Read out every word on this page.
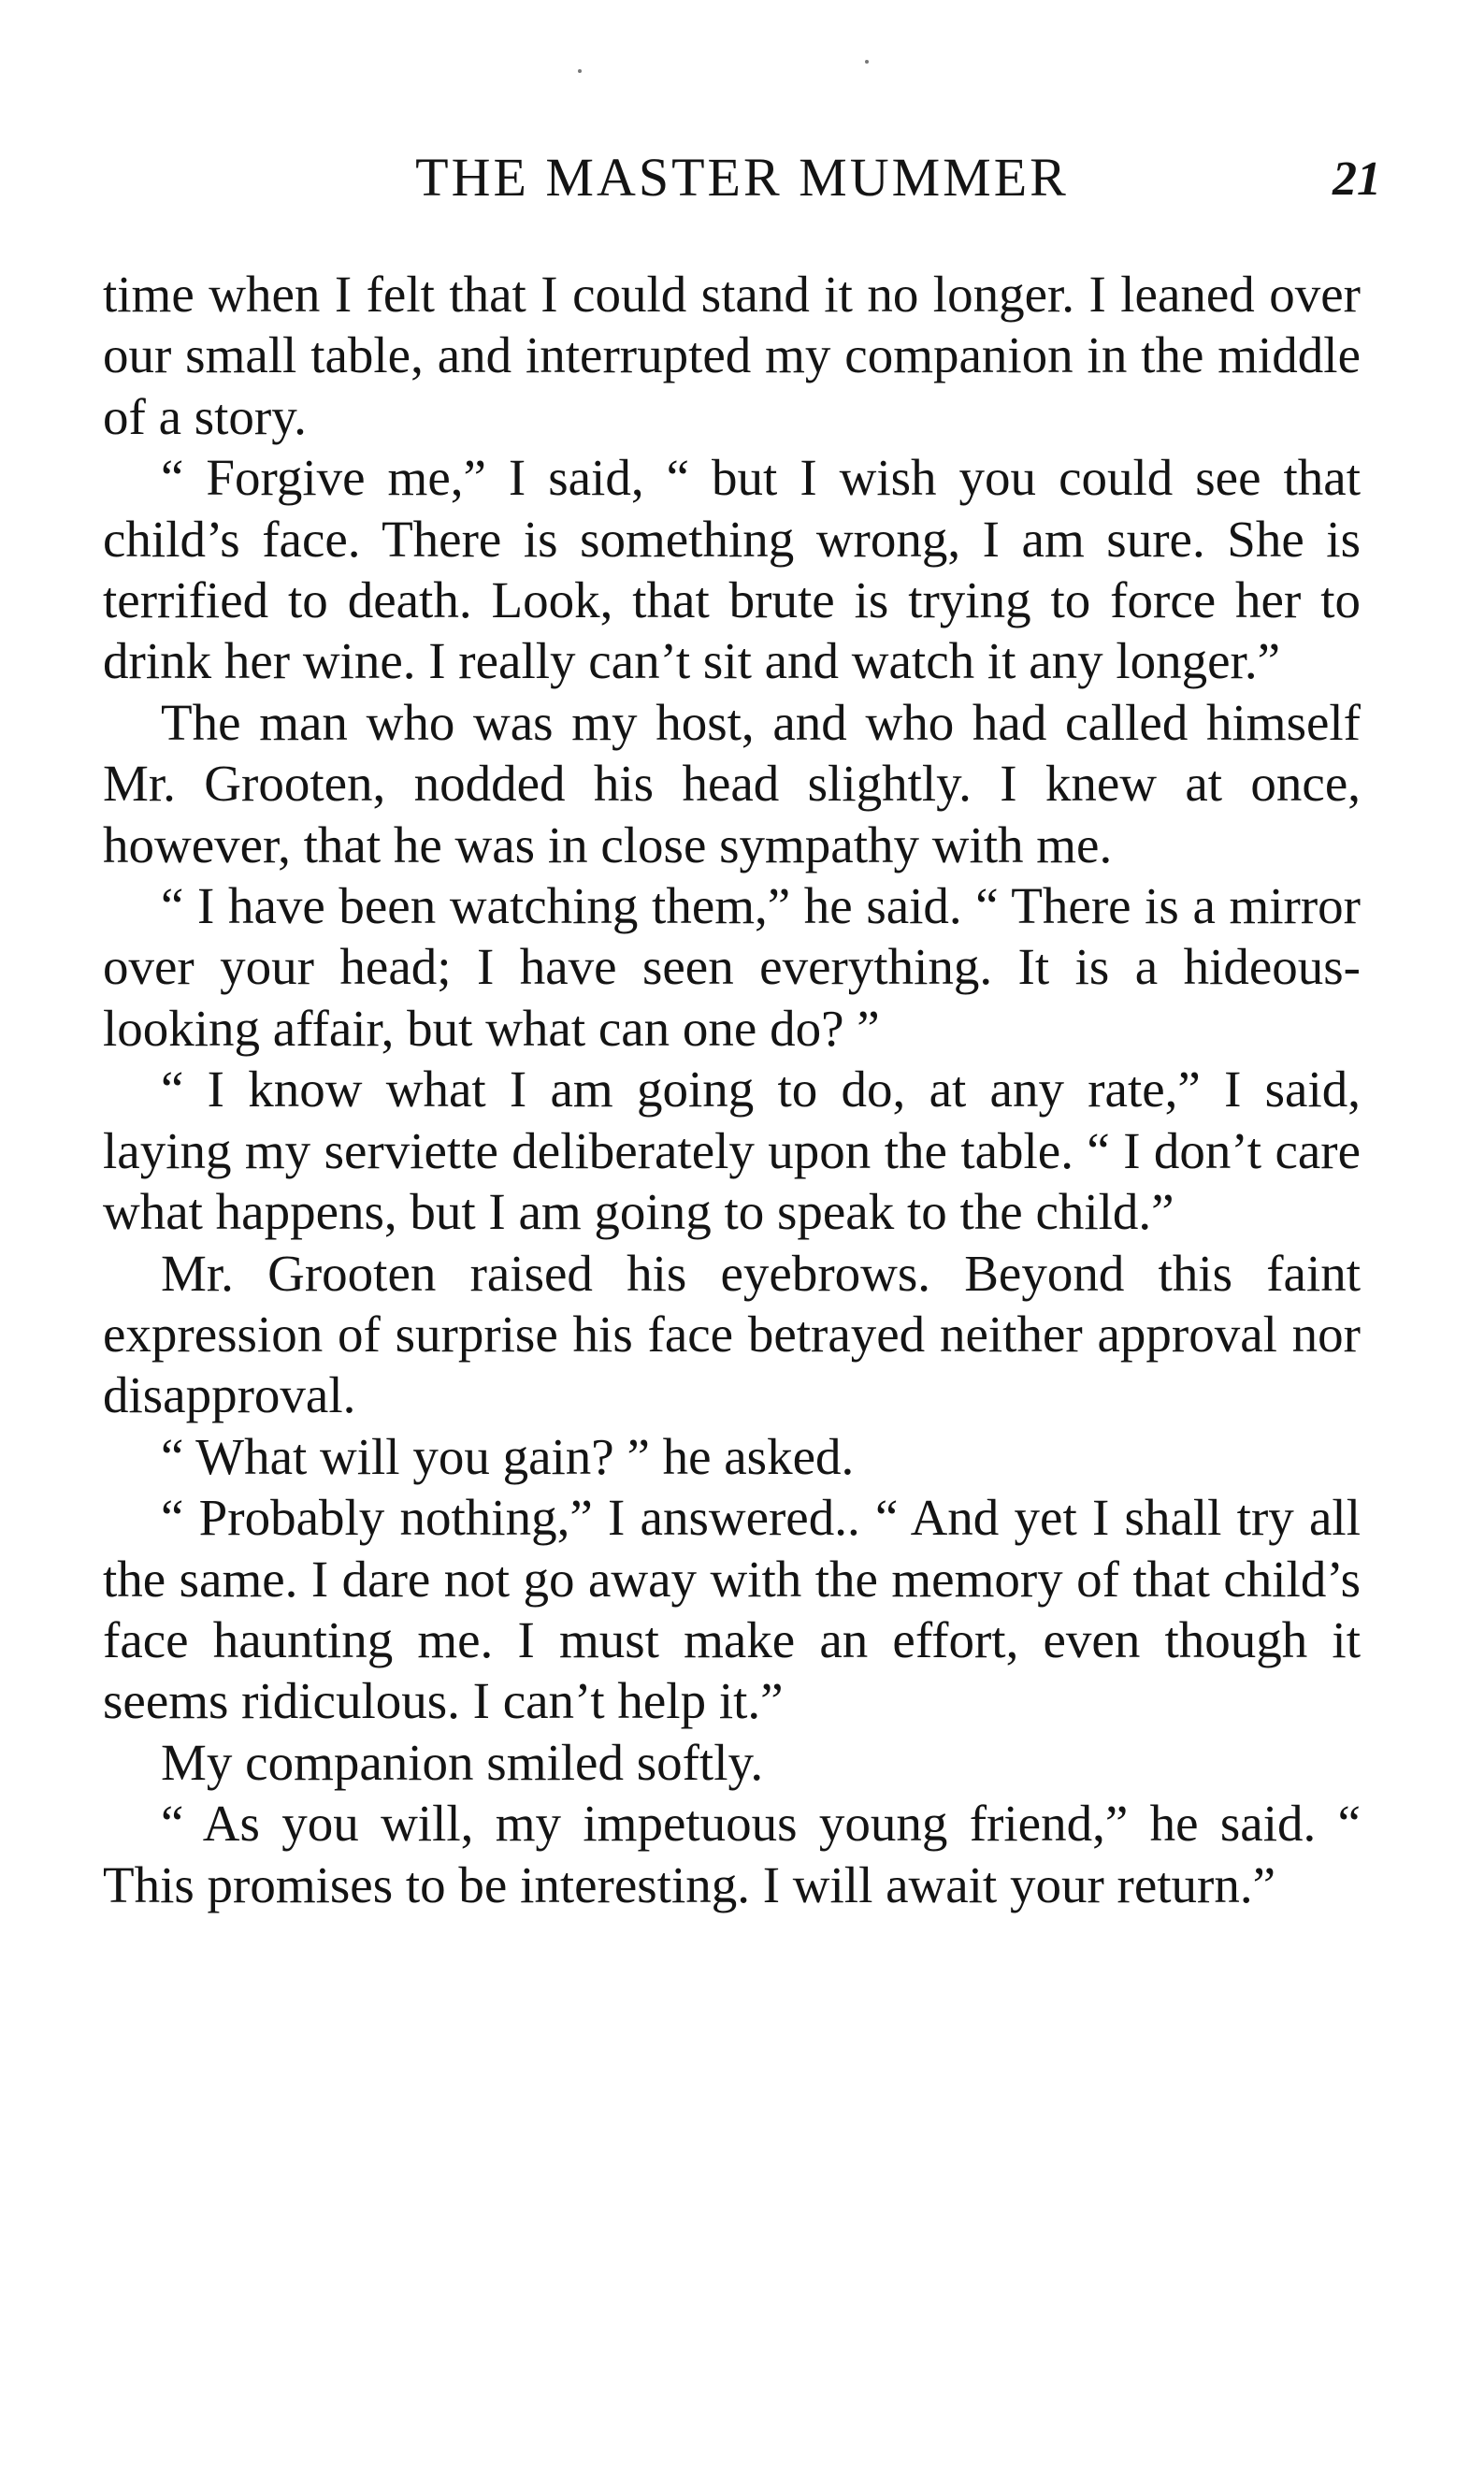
THE MASTER MUMMER	21

time when I felt that I could stand it no longer. I leaned over our small table, and interrupted my companion in the middle of a story.

“ Forgive me,” I said, “ but I wish you could see that child’s face. There is something wrong, I am sure. She is terrified to death. Look, that brute is trying to force her to drink her wine. I really can’t sit and watch it any longer.”

The man who was my host, and who had called himself Mr. Grooten, nodded his head slightly. I knew at once, however, that he was in close sympathy with me.

“ I have been watching them,” he said. “ There is a mirror over your head; I have seen everything. It is a hideous-looking affair, but what can one do? ”

“ I know what I am going to do, at any rate,” I said, laying my serviette deliberately upon the table. “ I don’t care what happens, but I am going to speak to the child.”

Mr. Grooten raised his eyebrows. Beyond this faint expression of surprise his face betrayed neither approval nor disapproval.

“ What will you gain? ” he asked.

“ Probably nothing,” I answered.. “ And yet I shall try all the same. I dare not go away with the memory of that child’s face haunting me. I must make an effort, even though it seems ridiculous. I can’t help it.”

My companion smiled softly.

“ As you will, my impetuous young friend,” he said. “ This promises to be interesting. I will await your return.”
